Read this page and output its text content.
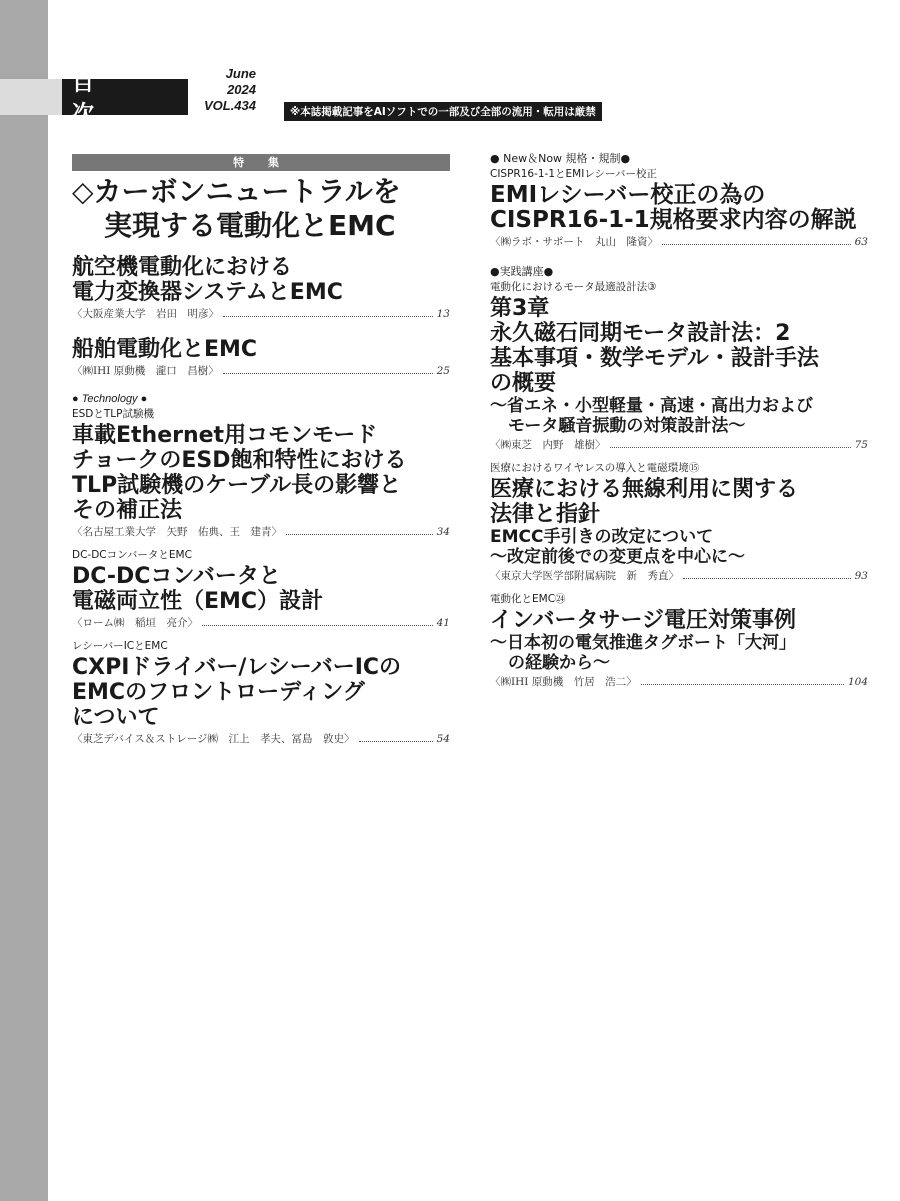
目 次
June
2024
VOL.434	※本誌掲載記事をAIソフトでの一部及び全部の流用・転用は厳禁
特 集
◇カーボンニュートラルを
実現する電動化とEMC
航空機電動化における
電力変換器システムとEMC
〈大阪産業大学　岩田　明彦〉	13
船舶電動化とEMC
〈㈱IHI 原動機　瀧口　昌樹〉	25
● Technology ●
ESDとTLP試験機
車載Ethernet用コモンモード
チョークのESD飽和特性における
TLP試験機のケーブル長の影響と
その補正法
〈名古屋工業大学　矢野　佑典、王　建青〉	34
DC-DCコンバータとEMC
DC-DCコンバータと
電磁両立性（EMC）設計
〈ローム㈱　稲垣　亮介〉	41
レシーバーICとEMC
CXPIドライバー/レシーバーICの
EMCのフロントローディング
について
〈東芝デバイス＆ストレージ㈱　江上　孝夫、冨島　敦史〉	54
● New＆Now 規格・規制●
CISPR16-1-1とEMIレシーバー校正
EMIレシーバー校正の為の
CISPR16-1-1規格要求内容の解説
〈㈱ラボ・サポート　丸山　隆資〉	63
●実践講座●
電動化におけるモータ最適設計法③
第3章
永久磁石同期モータ設計法：2
基本事項・数学モデル・設計手法
の概要
〜省エネ・小型軽量・高速・高出力および
モータ騒音振動の対策設計法〜
〈㈱東芝　内野　雄樹〉	75
医療におけるワイヤレスの導入と電磁環境⑮
医療における無線利用に関する
法律と指針
EMCC手引きの改定について
〜改定前後での変更点を中心に〜
〈東京大学医学部附属病院　新　秀直〉	93
電動化とEMC㉔
インバータサージ電圧対策事例
〜日本初の電気推進タグボート「大河」
の経験から〜
〈㈱IHI 原動機　竹居　浩二〉	104
